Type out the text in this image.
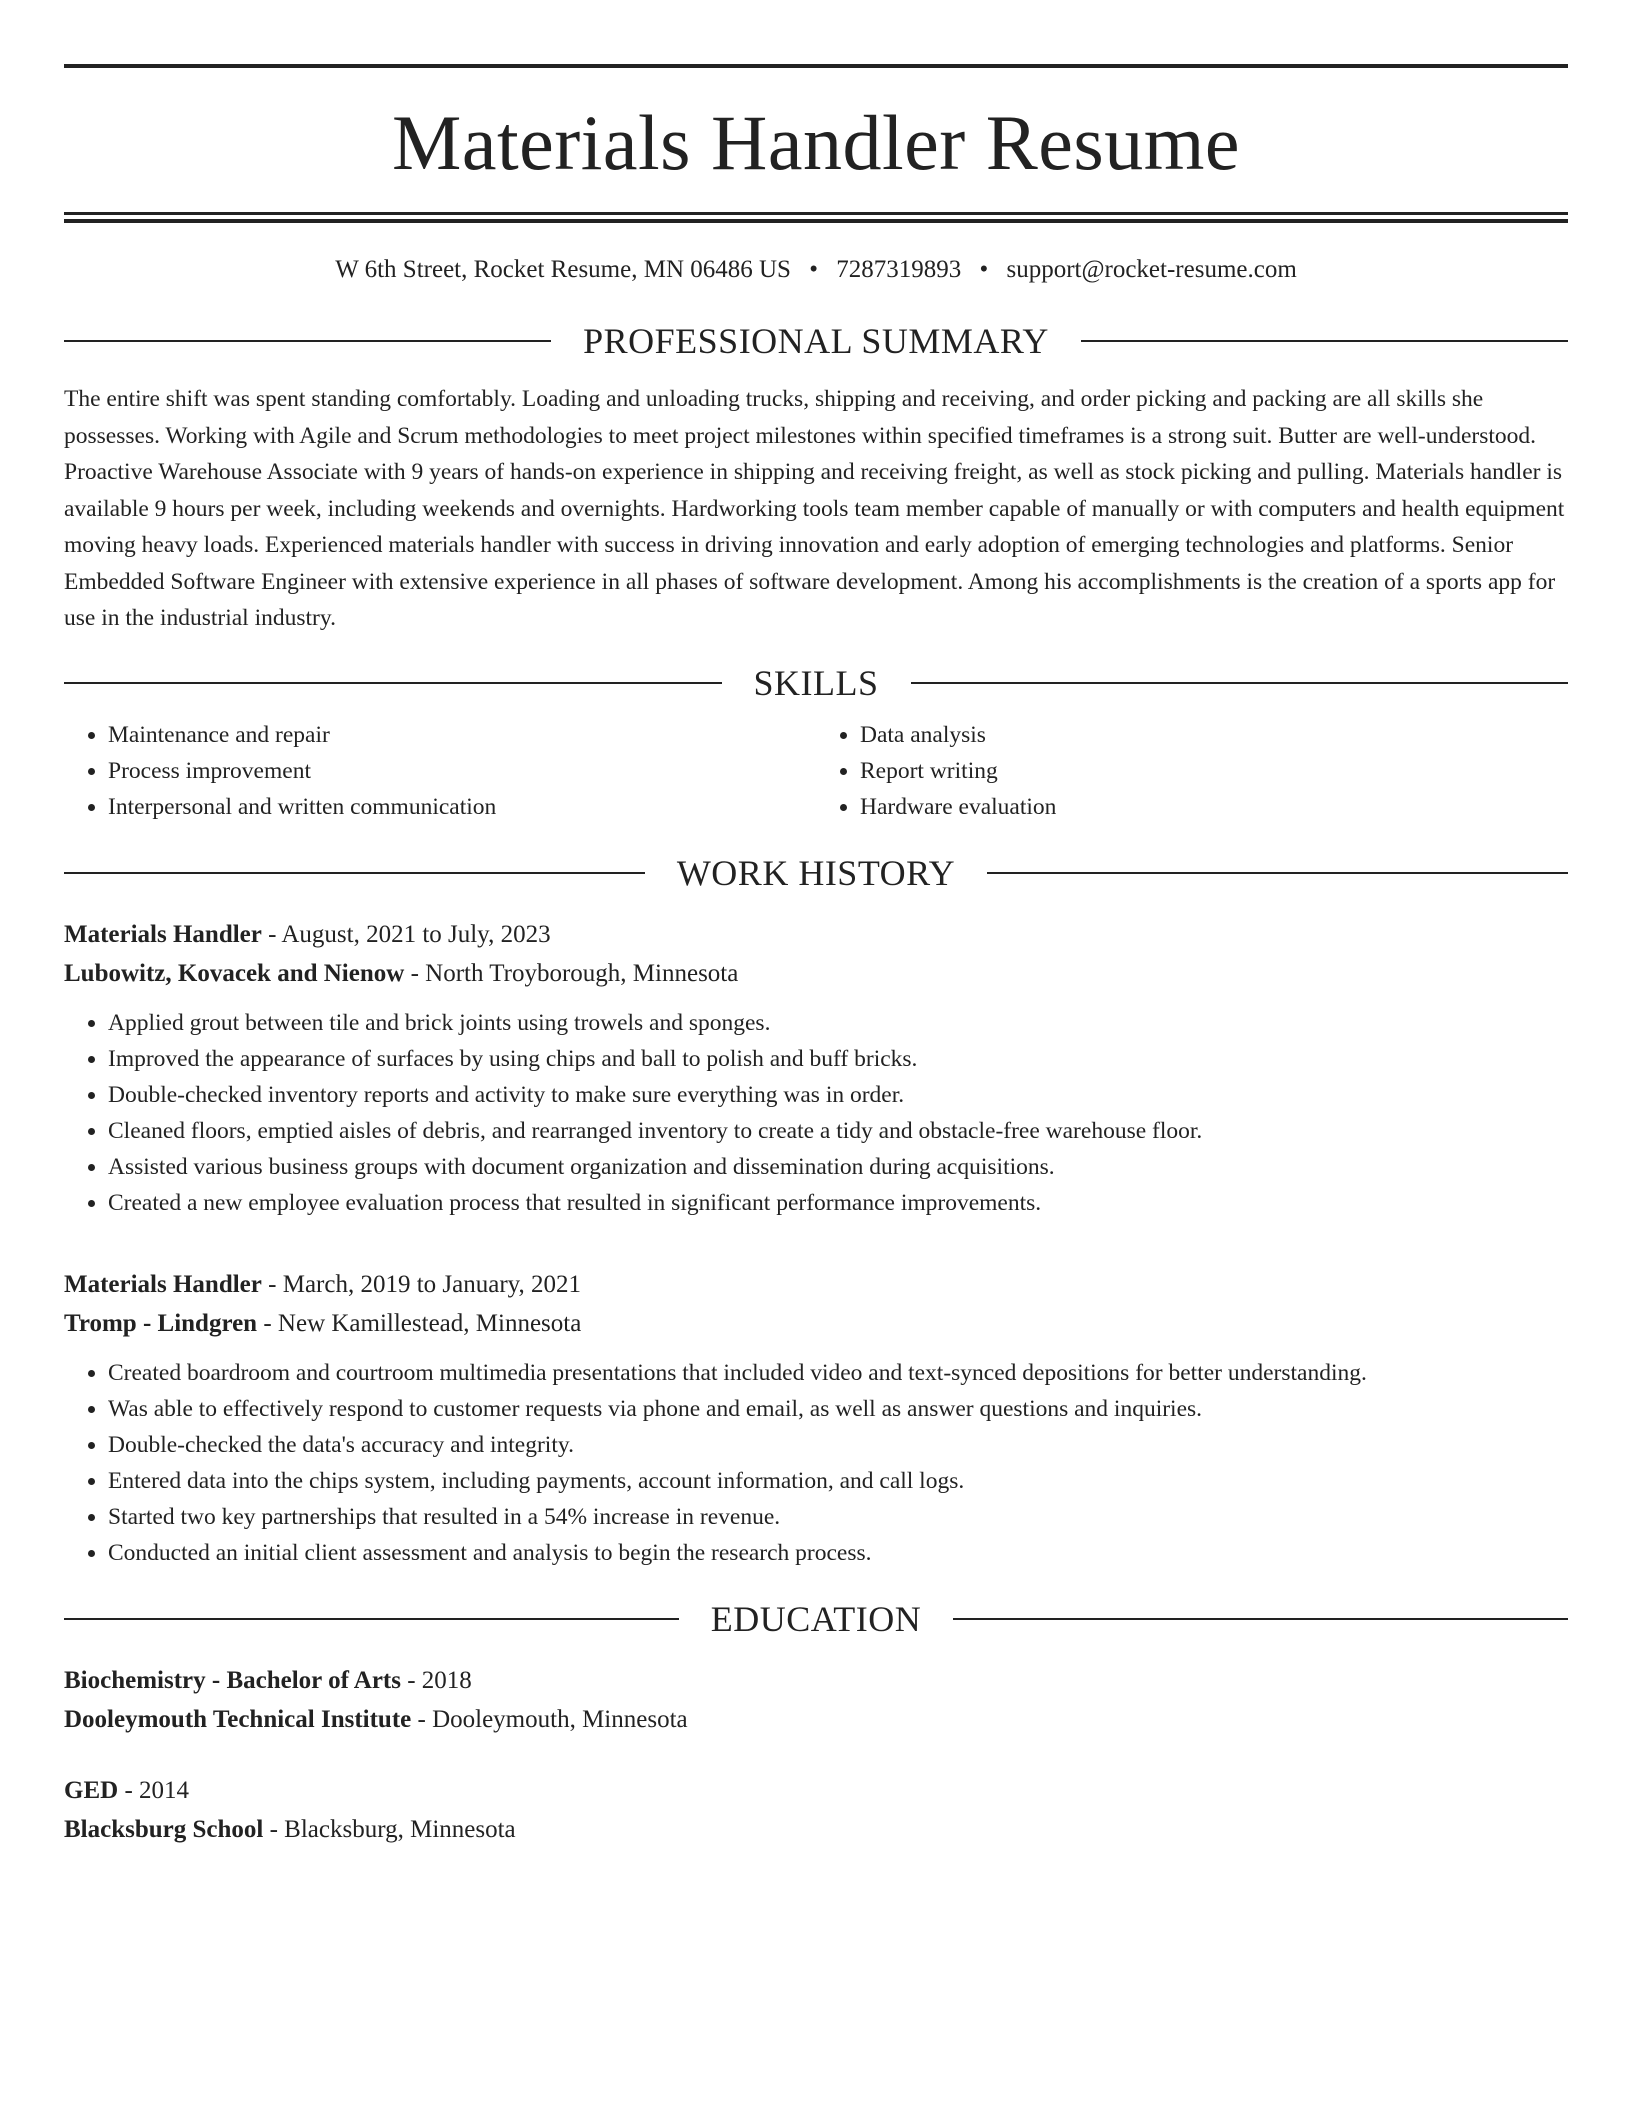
Materials Handler Resume
W 6th Street, Rocket Resume, MN 06486 US • 7287319893 • support@rocket-resume.com
PROFESSIONAL SUMMARY

The entire shift was spent standing comfortably. Loading and unloading trucks, shipping and receiving, and order picking and packing are all skills she possesses. Working with Agile and Scrum methodologies to meet project milestones within specified timeframes is a strong suit. Butter are well-understood. Proactive Warehouse Associate with 9 years of hands-on experience in shipping and receiving freight, as well as stock picking and pulling. Materials handler is available 9 hours per week, including weekends and overnights. Hardworking tools team member capable of manually or with computers and health equipment moving heavy loads. Experienced materials handler with success in driving innovation and early adoption of emerging technologies and platforms. Senior Embedded Software Engineer with extensive experience in all phases of software development. Among his accomplishments is the creation of a sports app for use in the industrial industry.

SKILLS
• Maintenance and repair
• Process improvement
• Interpersonal and written communication
• Data analysis
• Report writing
• Hardware evaluation
WORK HISTORY
Materials Handler - August, 2021 to July, 2023
Lubowitz, Kovacek and Nienow - North Troyborough, Minnesota
• Applied grout between tile and brick joints using trowels and sponges.
• Improved the appearance of surfaces by using chips and ball to polish and buff bricks.
• Double-checked inventory reports and activity to make sure everything was in order.
• Cleaned floors, emptied aisles of debris, and rearranged inventory to create a tidy and obstacle-free warehouse floor.
• Assisted various business groups with document organization and dissemination during acquisitions.
• Created a new employee evaluation process that resulted in significant performance improvements.
Materials Handler - March, 2019 to January, 2021
Tromp - Lindgren - New Kamillestead, Minnesota
• Created boardroom and courtroom multimedia presentations that included video and text-synced depositions for better understanding.
• Was able to effectively respond to customer requests via phone and email, as well as answer questions and inquiries.
• Double-checked the data's accuracy and integrity.
• Entered data into the chips system, including payments, account information, and call logs.
• Started two key partnerships that resulted in a 54% increase in revenue.
• Conducted an initial client assessment and analysis to begin the research process.
EDUCATION
Biochemistry - Bachelor of Arts - 2018
Dooleymouth Technical Institute - Dooleymouth, Minnesota
GED - 2014
Blacksburg School - Blacksburg, Minnesota
